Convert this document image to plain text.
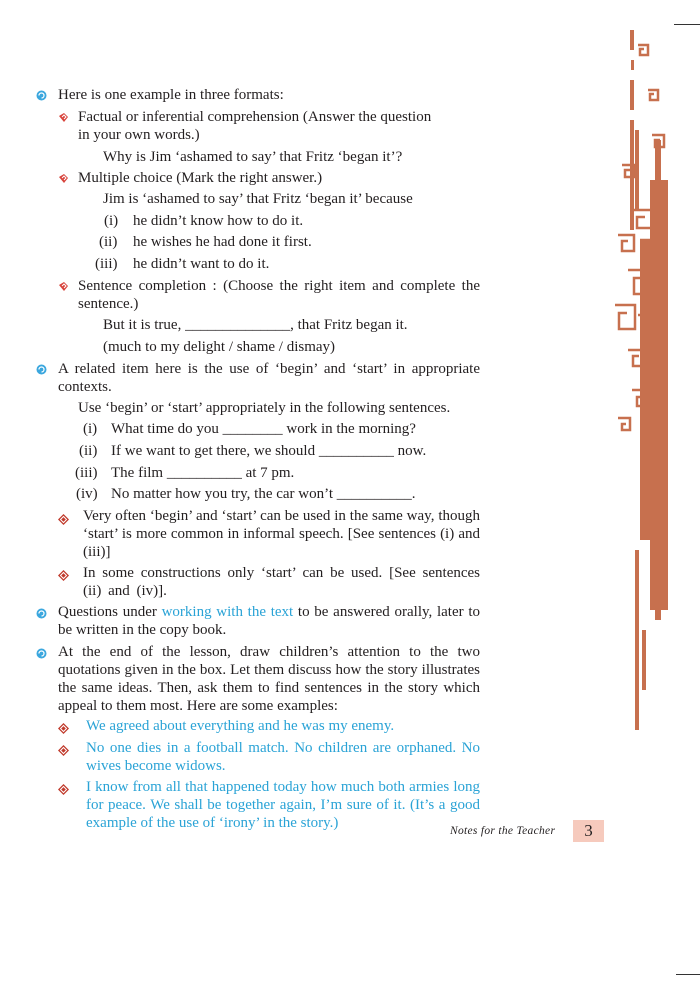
Here is one example in three formats:
Factual or inferential comprehension (Answer the question
in your own words.)
Why is Jim ‘ashamed to say’ that Fritz ‘began it’?
Multiple choice (Mark the right answer.)
Jim is ‘ashamed to say’ that Fritz ‘began it’ because
(i) he didn’t know how to do it.
(ii) he wishes he had done it first.
(iii) he didn’t want to do it.
Sentence completion : (Choose the right item and complete the sentence.)
But it is true, ______________, that Fritz began it.
(much to my delight / shame / dismay)
A related item here is the use of ‘begin’ and ‘start’ in appropriate contexts.
Use ‘begin’ or ‘start’ appropriately in the following sentences.
(i) What time do you ________ work in the morning?
(ii) If we want to get there, we should __________ now.
(iii) The film __________ at 7 pm.
(iv) No matter how you try, the car won’t __________.
Very often ‘begin’ and ‘start’ can be used in the same way, though ‘start’ is more common in informal speech. [See sentences (i) and (iii)]
In some constructions only ‘start’ can be used. [See sentences (ii) and (iv)].
Questions under working with the text to be answered orally, later to be written in the copy book.
At the end of the lesson, draw children’s attention to the two quotations given in the box. Let them discuss how the story illustrates the same ideas. Then, ask them to find sentences in the story which appeal to them most. Here are some examples:
We agreed about everything and he was my enemy.
No one dies in a football match. No children are orphaned. No wives become widows.
I know from all that happened today how much both armies long for peace. We shall be together again, I’m sure of it. (It’s a good example of the use of ‘irony’ in the story.)	Notes for the Teacher	3
